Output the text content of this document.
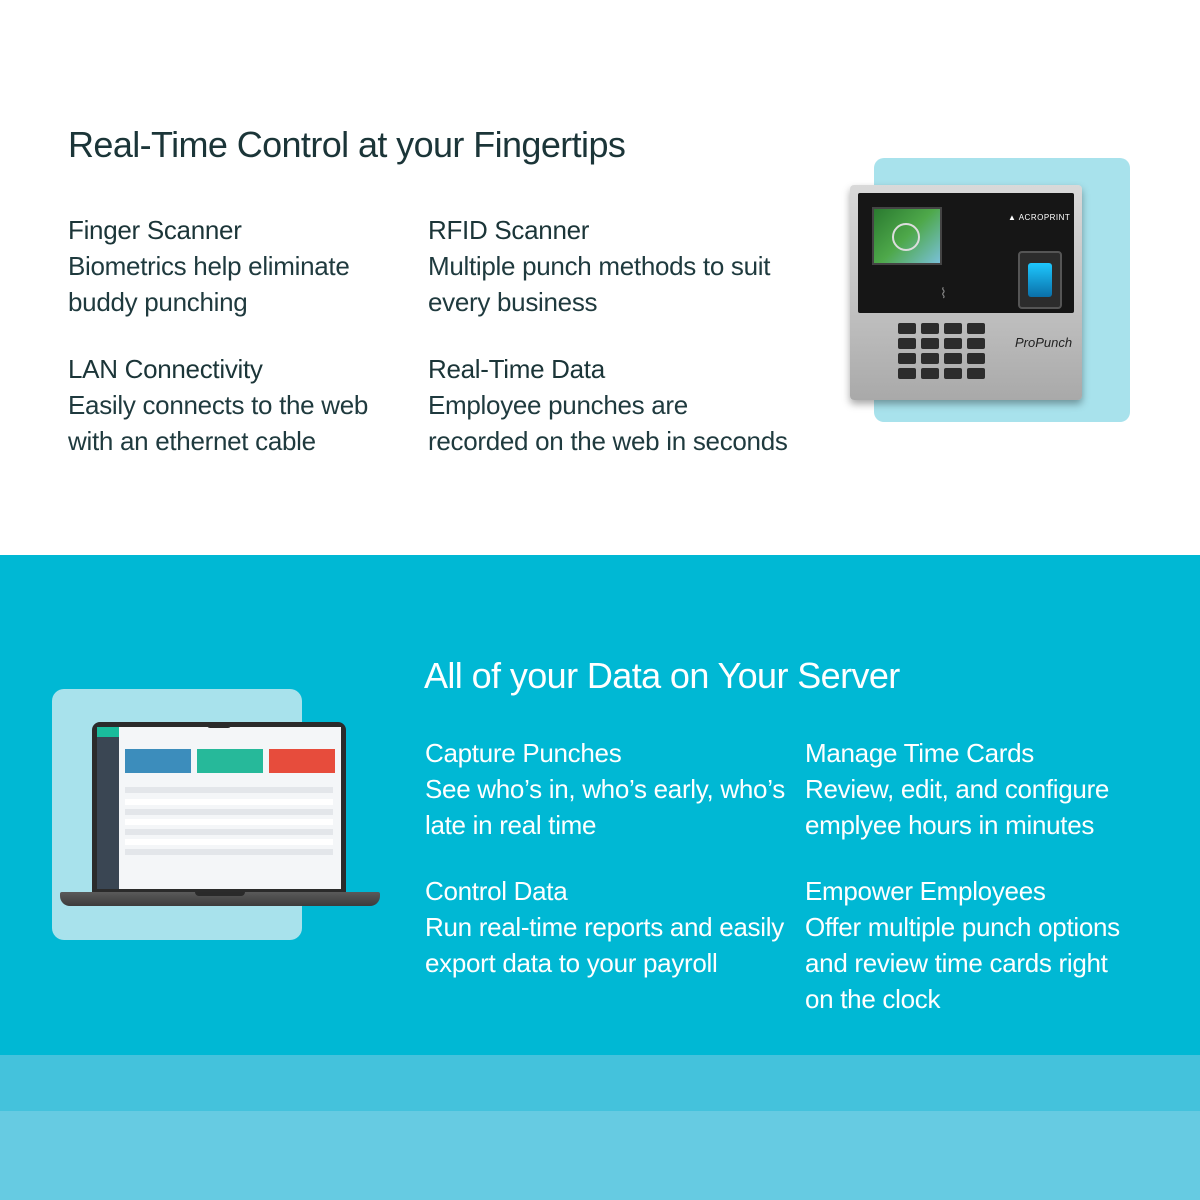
Real-Time Control at your Fingertips
Finger Scanner
Biometrics help eliminate
buddy punching
RFID Scanner
Multiple punch methods to suit
every business
LAN Connectivity
Easily connects to the web
with an ethernet cable
Real-Time Data
Employee punches are
recorded on the web in seconds
▲ ACROPRINT
⌇
ProPunch
All of your Data on Your Server
Capture Punches
See who’s in, who’s early, who’s
late in real time
Manage Time Cards
Review, edit, and configure
emplyee hours in minutes
Control Data
Run real-time reports and easily
export data to your payroll
Empower Employees
Offer multiple punch options
and review time cards right
on the clock
